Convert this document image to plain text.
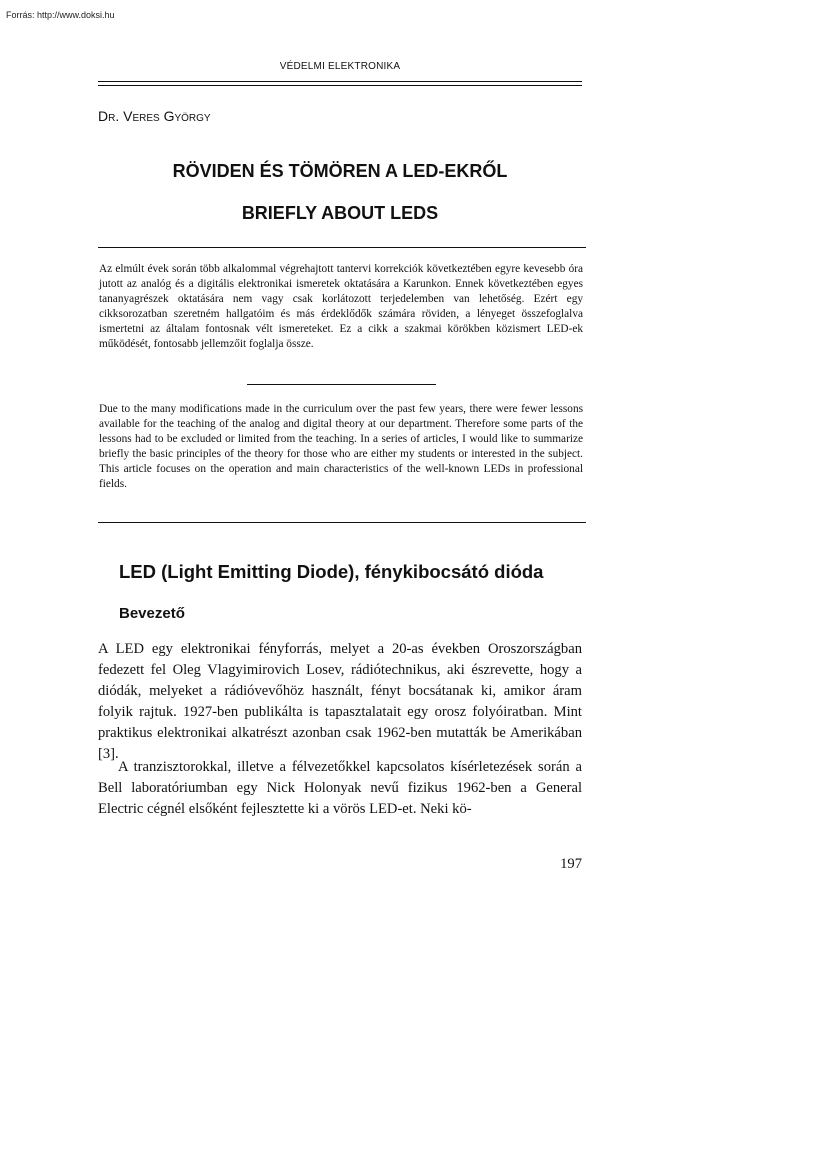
Forrás: http://www.doksi.hu
VÉDELMI ELEKTRONIKA
Dr. Veres György
RÖVIDEN ÉS TÖMÖREN A LED-EKRŐL
BRIEFLY ABOUT LEDS
Az elmúlt évek során több alkalommal végrehajtott tantervi korrekciók következtében egyre kevesebb óra jutott az analóg és a digitális elektronikai ismeretek oktatására a Karunkon. Ennek következtében egyes tananyagrészek oktatására nem vagy csak korlátozott terjedelemben van lehetőség. Ezért egy cikksorozatban szeretném hallgatóim és más érdeklődők számára röviden, a lényeget összefoglalva ismertetni az általam fontosnak vélt ismereteket. Ez a cikk a szakmai körökben közismert LED-ek működését, fontosabb jellemzőit foglalja össze.
Due to the many modifications made in the curriculum over the past few years, there were fewer lessons available for the teaching of the analog and digital theory at our department. Therefore some parts of the lessons had to be excluded or limited from the teaching. In a series of articles, I would like to summarize briefly the basic principles of the theory for those who are either my students or interested in the subject. This article focuses on the operation and main characteristics of the well-known LEDs in professional fields.
LED (Light Emitting Diode), fénykibocsátó dióda
Bevezető

A LED egy elektronikai fényforrás, melyet a 20-as években Oroszországban fedezett fel Oleg Vlagyimirovich Losev, rádiótechnikus, aki észrevette, hogy a diódák, melyeket a rádióvevőhöz használt, fényt bocsátanak ki, amikor áram folyik rajtuk. 1927-ben publikálta is tapasztalatait egy orosz folyóiratban. Mint praktikus elektronikai alkatrészt azonban csak 1962-ben mutatták be Amerikában [3].

A tranzisztorokkal, illetve a félvezetőkkel kapcsolatos kísérletezések során a Bell laboratóriumban egy Nick Holonyak nevű fizikus 1962-ben a General Electric cégnél elsőként fejlesztette ki a vörös LED-et. Neki kö-

197
